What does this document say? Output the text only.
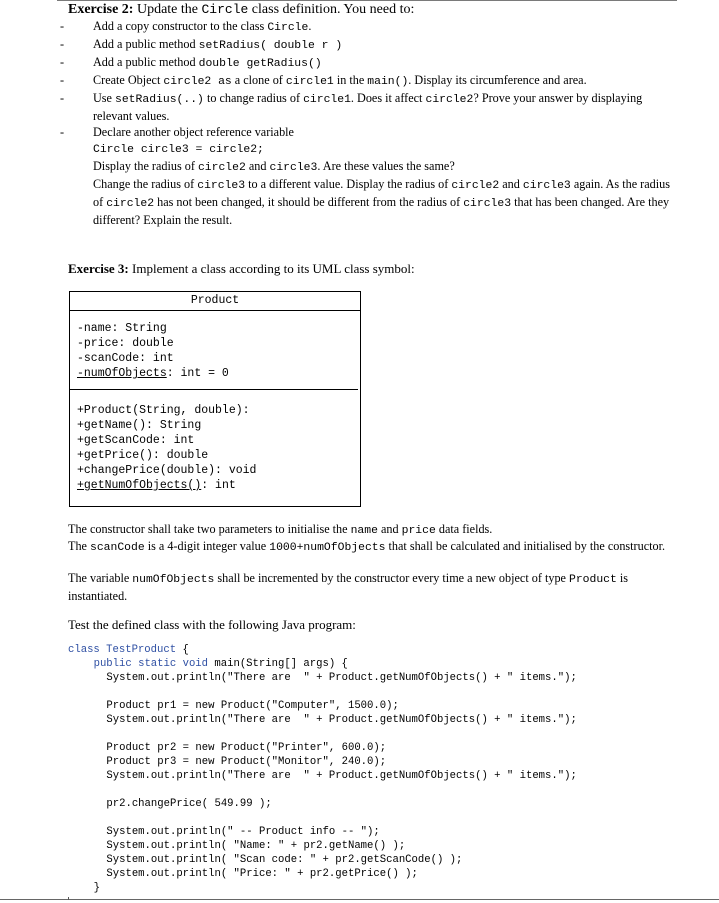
Exercise 2: Update the Circle class definition. You need to:
- Add a copy constructor to the class Circle.
- Add a public method setRadius( double r )
- Add a public method double getRadius()
- Create Object circle2 as a clone of circle1 in the main(). Display its circumference and area.
- Use setRadius(..) to change radius of circle1. Does it affect circle2? Prove your answer by displaying relevant values.
- Declare another object reference variable
Circle circle3 = circle2;
Display the radius of circle2 and circle3. Are these values the same?
Change the radius of circle3 to a different value. Display the radius of circle2 and circle3 again. As the radius of circle2 has not been changed, it should be different from the radius of circle3 that has been changed. Are they different? Explain the result.
Exercise 3: Implement a class according to its UML class symbol:
Product
-name: String
-price: double
-scanCode: int
-numOfObjects: int = 0
+Product(String, double):
+getName(): String
+getScanCode: int
+getPrice(): double
+changePrice(double): void
+getNumOfObjects(): int
The constructor shall take two parameters to initialise the name and price data fields.
The scanCode is a 4-digit integer value 1000+numOfObjects that shall be calculated and initialised by the constructor.
The variable numOfObjects shall be incremented by the constructor every time a new object of type Product is instantiated.
Test the defined class with the following Java program:
class TestProduct {
public static void main(String[] args) {
System.out.println("There are  " + Product.getNumOfObjects() + " items.");
Product pr1 = new Product("Computer", 1500.0);
System.out.println("There are  " + Product.getNumOfObjects() + " items.");
Product pr2 = new Product("Printer", 600.0);
Product pr3 = new Product("Monitor", 240.0);
System.out.println("There are  " + Product.getNumOfObjects() + " items.");
pr2.changePrice( 549.99 );
System.out.println(" -- Product info -- ");
System.out.println( "Name: " + pr2.getName() );
System.out.println( "Scan code: " + pr2.getScanCode() );
System.out.println( "Price: " + pr2.getPrice() );
}
